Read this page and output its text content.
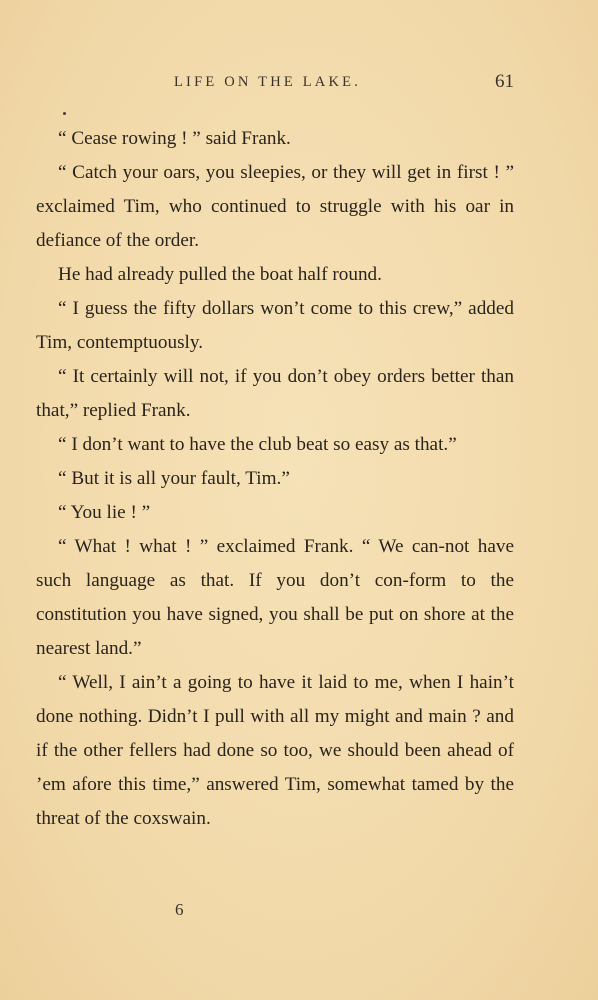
LIFE ON THE LAKE.	61

“ Cease rowing ! ” said Frank.

“ Catch your oars, you sleepies, or they will get in first ! ” exclaimed Tim, who continued to struggle with his oar in defiance of the order.

He had already pulled the boat half round.

“ I guess the fifty dollars won’t come to this crew,” added Tim, contemptuously.

“ It certainly will not, if you don’t obey orders better than that,” replied Frank.

“ I don’t want to have the club beat so easy as that.”

“ But it is all your fault, Tim.”

“ You lie ! ”

“ What ! what ! ” exclaimed Frank. “ We can-not have such language as that. If you don’t con-form to the constitution you have signed, you shall be put on shore at the nearest land.”

“ Well, I ain’t a going to have it laid to me, when I hain’t done nothing. Didn’t I pull with all my might and main ? and if the other fellers had done so too, we should been ahead of ’em afore this time,” answered Tim, somewhat tamed by the threat of the coxswain.

6
